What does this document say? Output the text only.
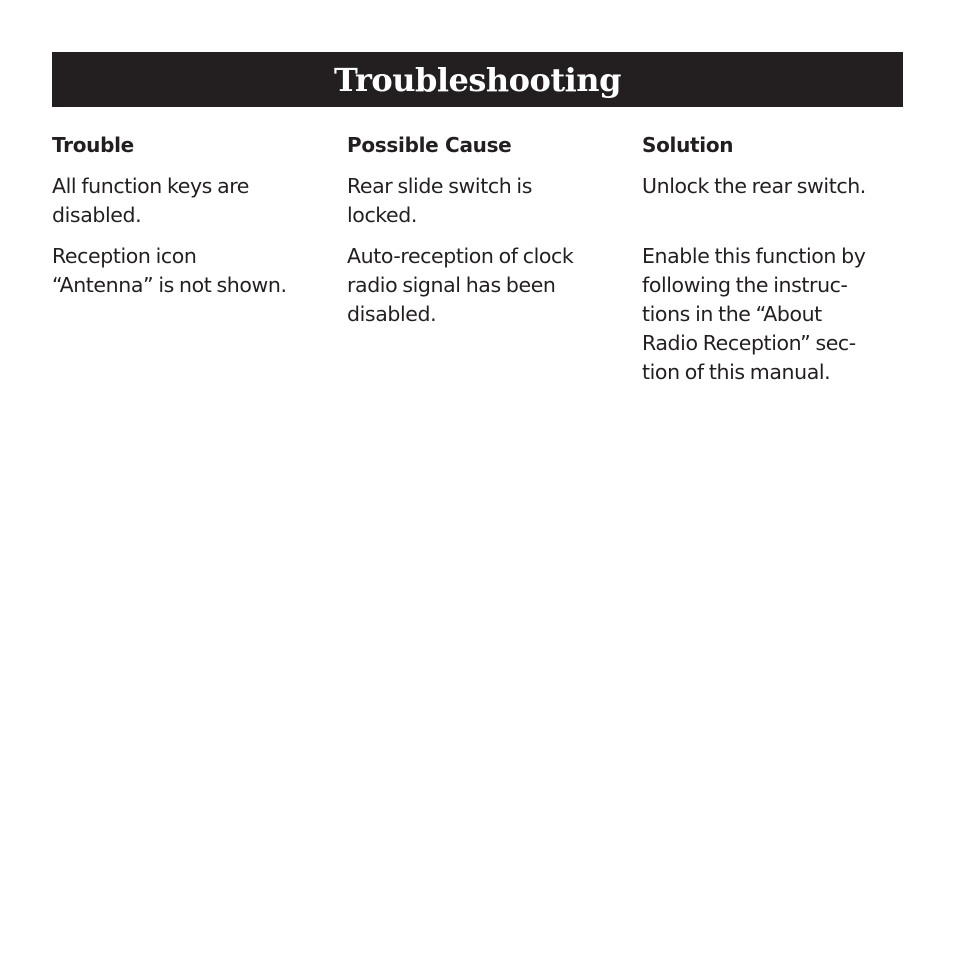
Troubleshooting
Trouble	Possible Cause	Solution
All function keys are
disabled.
Rear slide switch is
locked.
Unlock the rear switch.
Reception icon
“Antenna” is not shown.
Auto-reception of clock
radio signal has been
disabled.
Enable this function by
following the instruc-
tions in the “About
Radio Reception” sec-
tion of this manual.
